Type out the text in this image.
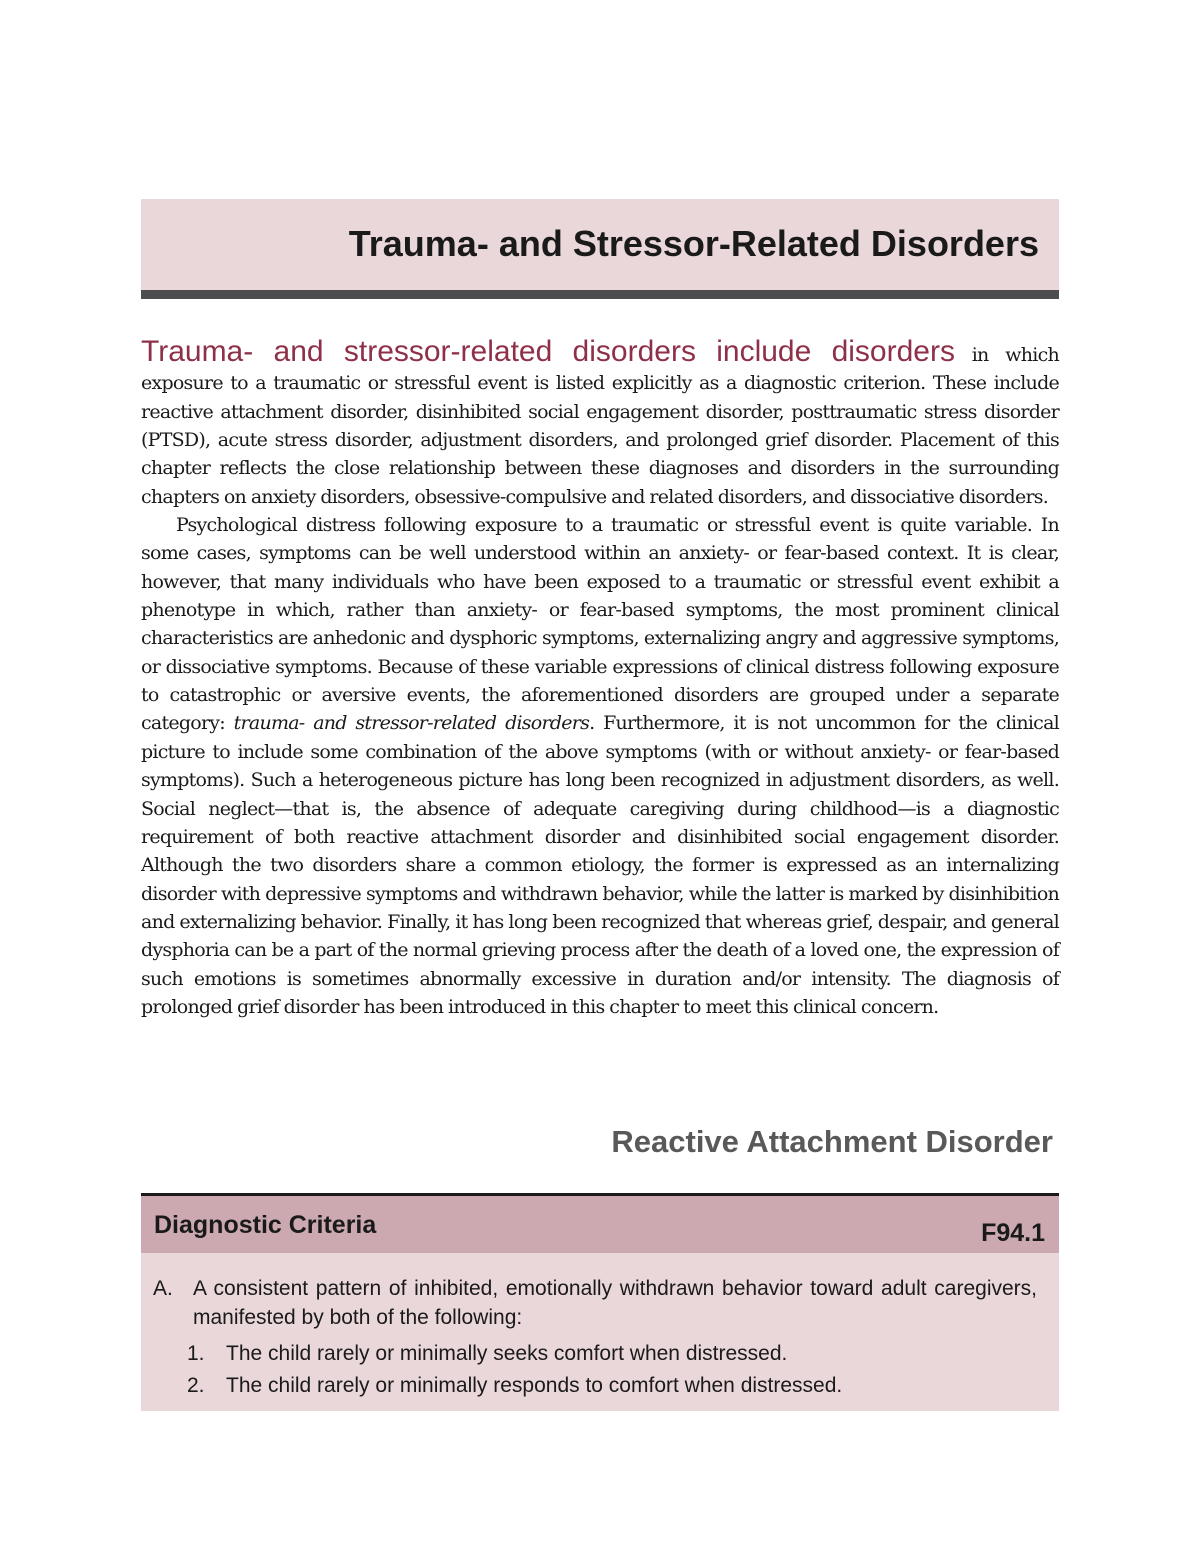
Trauma- and Stressor-Related Disorders

Trauma- and stressor-related disorders include disorders in which exposure to a traumatic or stressful event is listed explicitly as a diagnostic criterion. These include reactive attachment disorder, disinhibited social engagement disorder, posttraumatic stress disorder (PTSD), acute stress disorder, adjustment disorders, and prolonged grief disorder. Placement of this chapter reflects the close relationship between these diagnoses and disorders in the surrounding chapters on anxiety disorders, obsessive-compulsive and related disorders, and dissociative disorders.

Psychological distress following exposure to a traumatic or stressful event is quite variable. In some cases, symptoms can be well understood within an anxiety- or fear-based context. It is clear, however, that many individuals who have been exposed to a traumatic or stressful event exhibit a phenotype in which, rather than anxiety- or fear-based symptoms, the most prominent clinical characteristics are anhedonic and dysphoric symptoms, externalizing angry and aggressive symptoms, or dissociative symptoms. Because of these variable expressions of clinical distress following exposure to catastrophic or aversive events, the aforementioned disorders are grouped under a separate category: trauma- and stressor-related disorders. Furthermore, it is not uncommon for the clinical picture to include some combination of the above symptoms (with or without anxiety- or fear-based symptoms). Such a heterogeneous picture has long been recognized in adjustment disorders, as well. Social neglect—that is, the absence of adequate caregiving during childhood—is a diagnostic requirement of both reactive attachment disorder and disinhibited social engagement disorder. Although the two disorders share a common etiology, the former is expressed as an internalizing disorder with depressive symptoms and withdrawn behavior, while the latter is marked by disinhibition and externalizing behavior. Finally, it has long been recognized that whereas grief, despair, and general dysphoria can be a part of the normal grieving process after the death of a loved one, the expression of such emotions is sometimes abnormally excessive in duration and/or intensity. The diagnosis of prolonged grief disorder has been introduced in this chapter to meet this clinical concern.

Reactive Attachment Disorder
Diagnostic Criteria	F94.1
A. A consistent pattern of inhibited, emotionally withdrawn behavior toward adult caregivers, manifested by both of the following:

1. The child rarely or minimally seeks comfort when distressed.
2. The child rarely or minimally responds to comfort when distressed.
